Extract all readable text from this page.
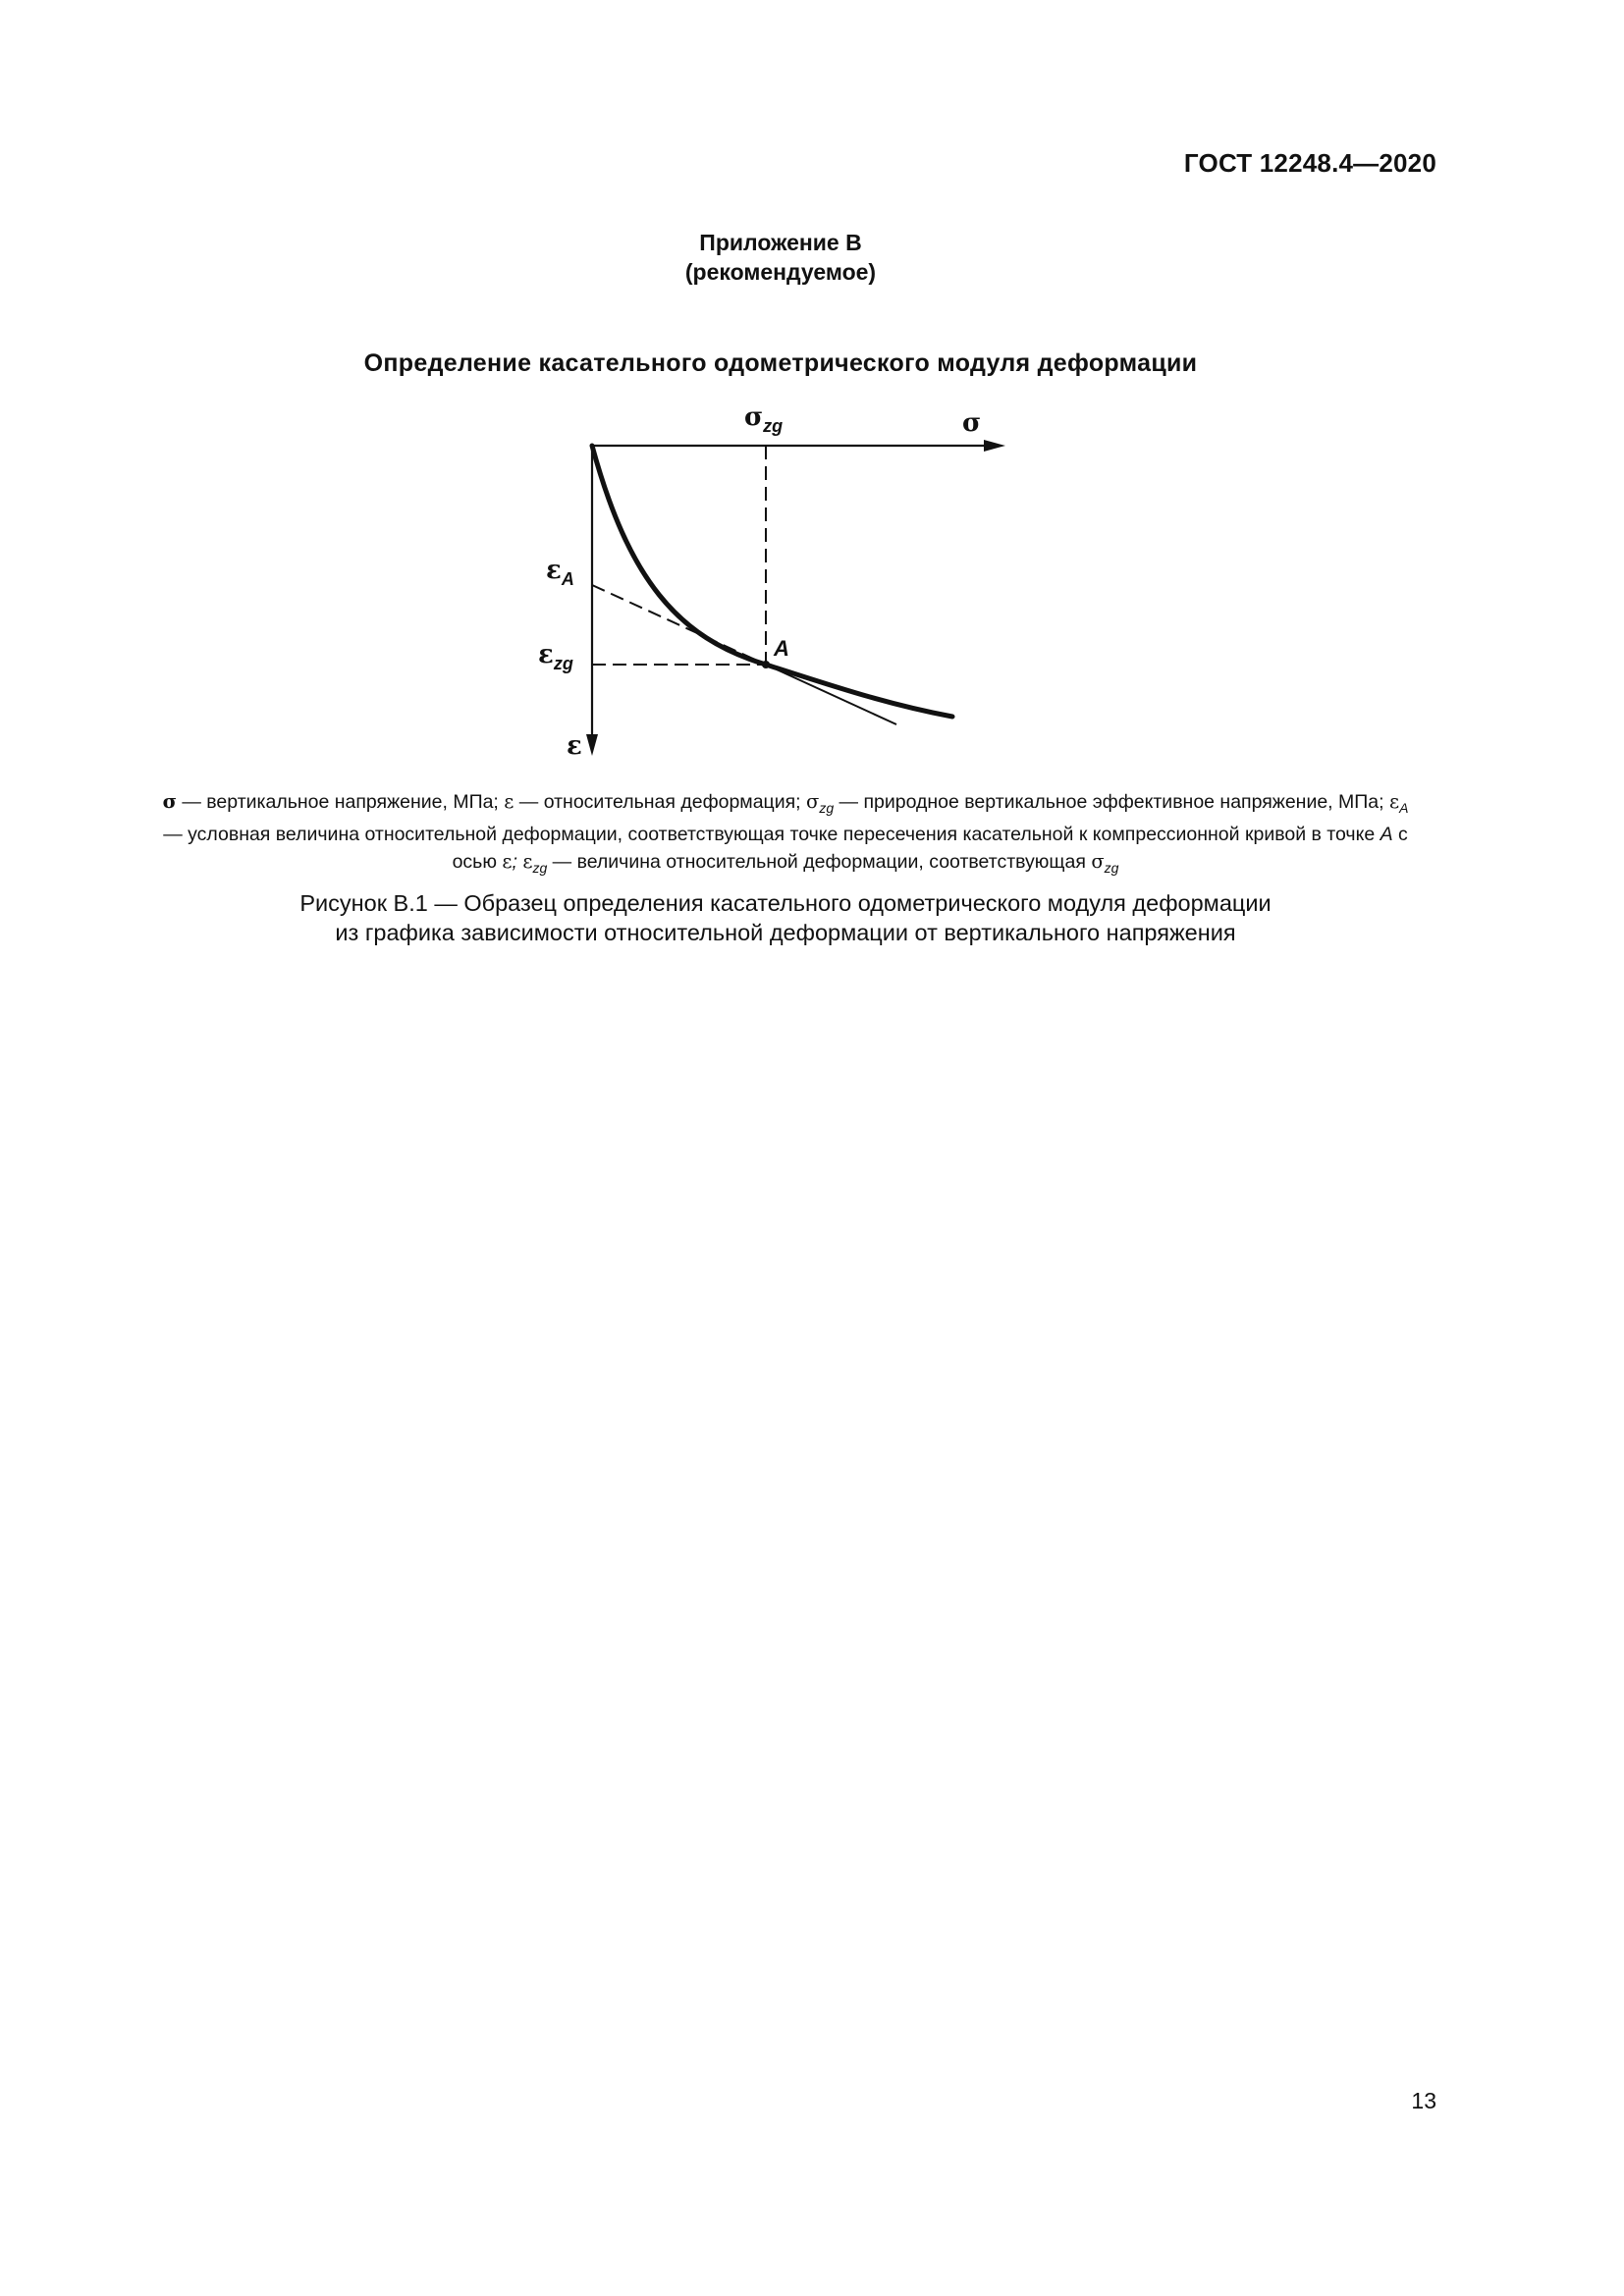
ГОСТ 12248.4—2020
Приложение В
(рекомендуемое)
Определение касательного одометрического модуля деформации
$\sigma_{zg}$	σ
$\varepsilon_A$
$\varepsilon_{zg}$
ε
A
σ — вертикальное напряжение, МПа; ε — относительная деформация; $\sigma_{zg}$ — природное вертикальное эффективное напряжение, МПа; $\varepsilon_A$ — условная величина относительной деформации, соответствующая точке пересечения касательной к компрессионной кривой в точке A с осью ε; $\varepsilon_{zg}$ — величина относительной деформации, соответствующая $\sigma_{zg}$
Рисунок В.1 — Образец определения касательного одометрического модуля деформации
из графика зависимости относительной деформации от вертикального напряжения
13
